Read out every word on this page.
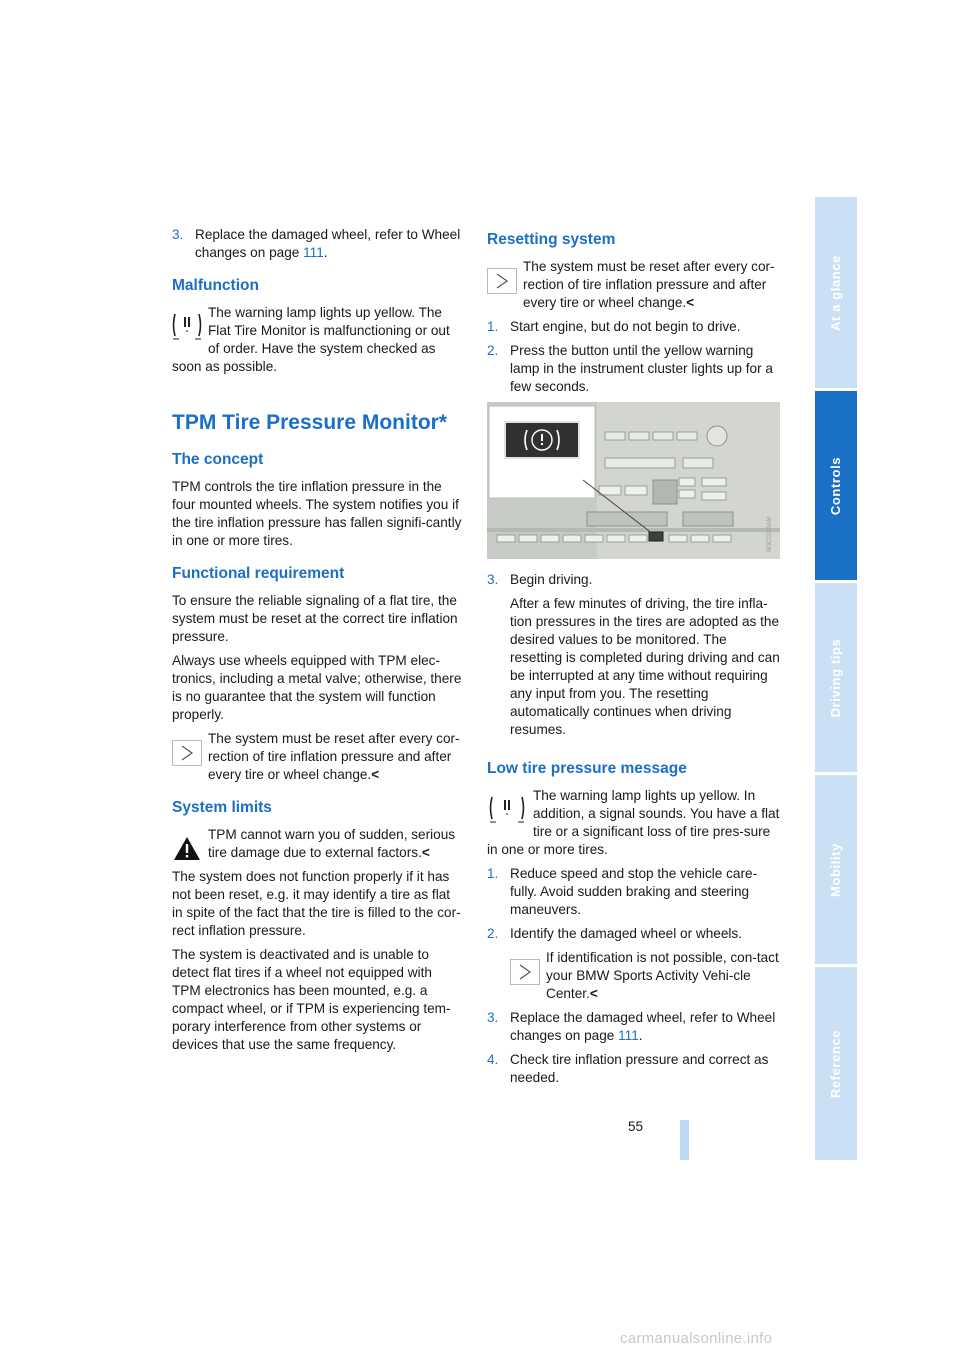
3. Replace the damaged wheel, refer to Wheel changes on page 111.
Malfunction

The warning lamp lights up yellow. The Flat Tire Monitor is malfunctioning or out of order. Have the system checked as soon as possible.

TPM Tire Pressure Monitor*
The concept

TPM controls the tire inflation pressure in the four mounted wheels. The system notifies you if the tire inflation pressure has fallen signifi-cantly in one or more tires.

Functional requirement

To ensure the reliable signaling of a flat tire, the system must be reset at the correct tire inflation pressure.

Always use wheels equipped with TPM elec-tronics, including a metal valve; otherwise, there is no guarantee that the system will function properly.

The system must be reset after every cor-rection of tire inflation pressure and after every tire or wheel change.<

System limits

TPM cannot warn you of sudden, serious tire damage due to external factors.<

The system does not function properly if it has not been reset, e.g. it may identify a tire as flat in spite of the fact that the tire is filled to the cor-rect inflation pressure.

The system is deactivated and is unable to detect flat tires if a wheel not equipped with TPM electronics has been mounted, e.g. a compact wheel, or if TPM is experiencing tem-porary interference from other systems or devices that use the same frequency.

Resetting system

The system must be reset after every cor-rection of tire inflation pressure and after every tire or wheel change.<

1. Start engine, but do not begin to drive.
2. Press the button until the yellow warning lamp in the instrument cluster lights up for a few seconds.
W3C0205AM
3. Begin driving.

After a few minutes of driving, the tire infla-tion pressures in the tires are adopted as the desired values to be monitored. The resetting is completed during driving and can be interrupted at any time without requiring any input from you. The resetting automatically continues when driving resumes.

Low tire pressure message

The warning lamp lights up yellow. In addition, a signal sounds. You have a flat tire or a significant loss of tire pres-sure in one or more tires.

1. Reduce speed and stop the vehicle care-fully. Avoid sudden braking and steering maneuvers.
2. Identify the damaged wheel or wheels.

If identification is not possible, con-tact your BMW Sports Activity Vehi-cle Center.<

3. Replace the damaged wheel, refer to Wheel changes on page 111.
4. Check tire inflation pressure and correct as needed.
55
At a glance
Controls
Driving tips
Mobility
Reference
carmanualsonline.info
